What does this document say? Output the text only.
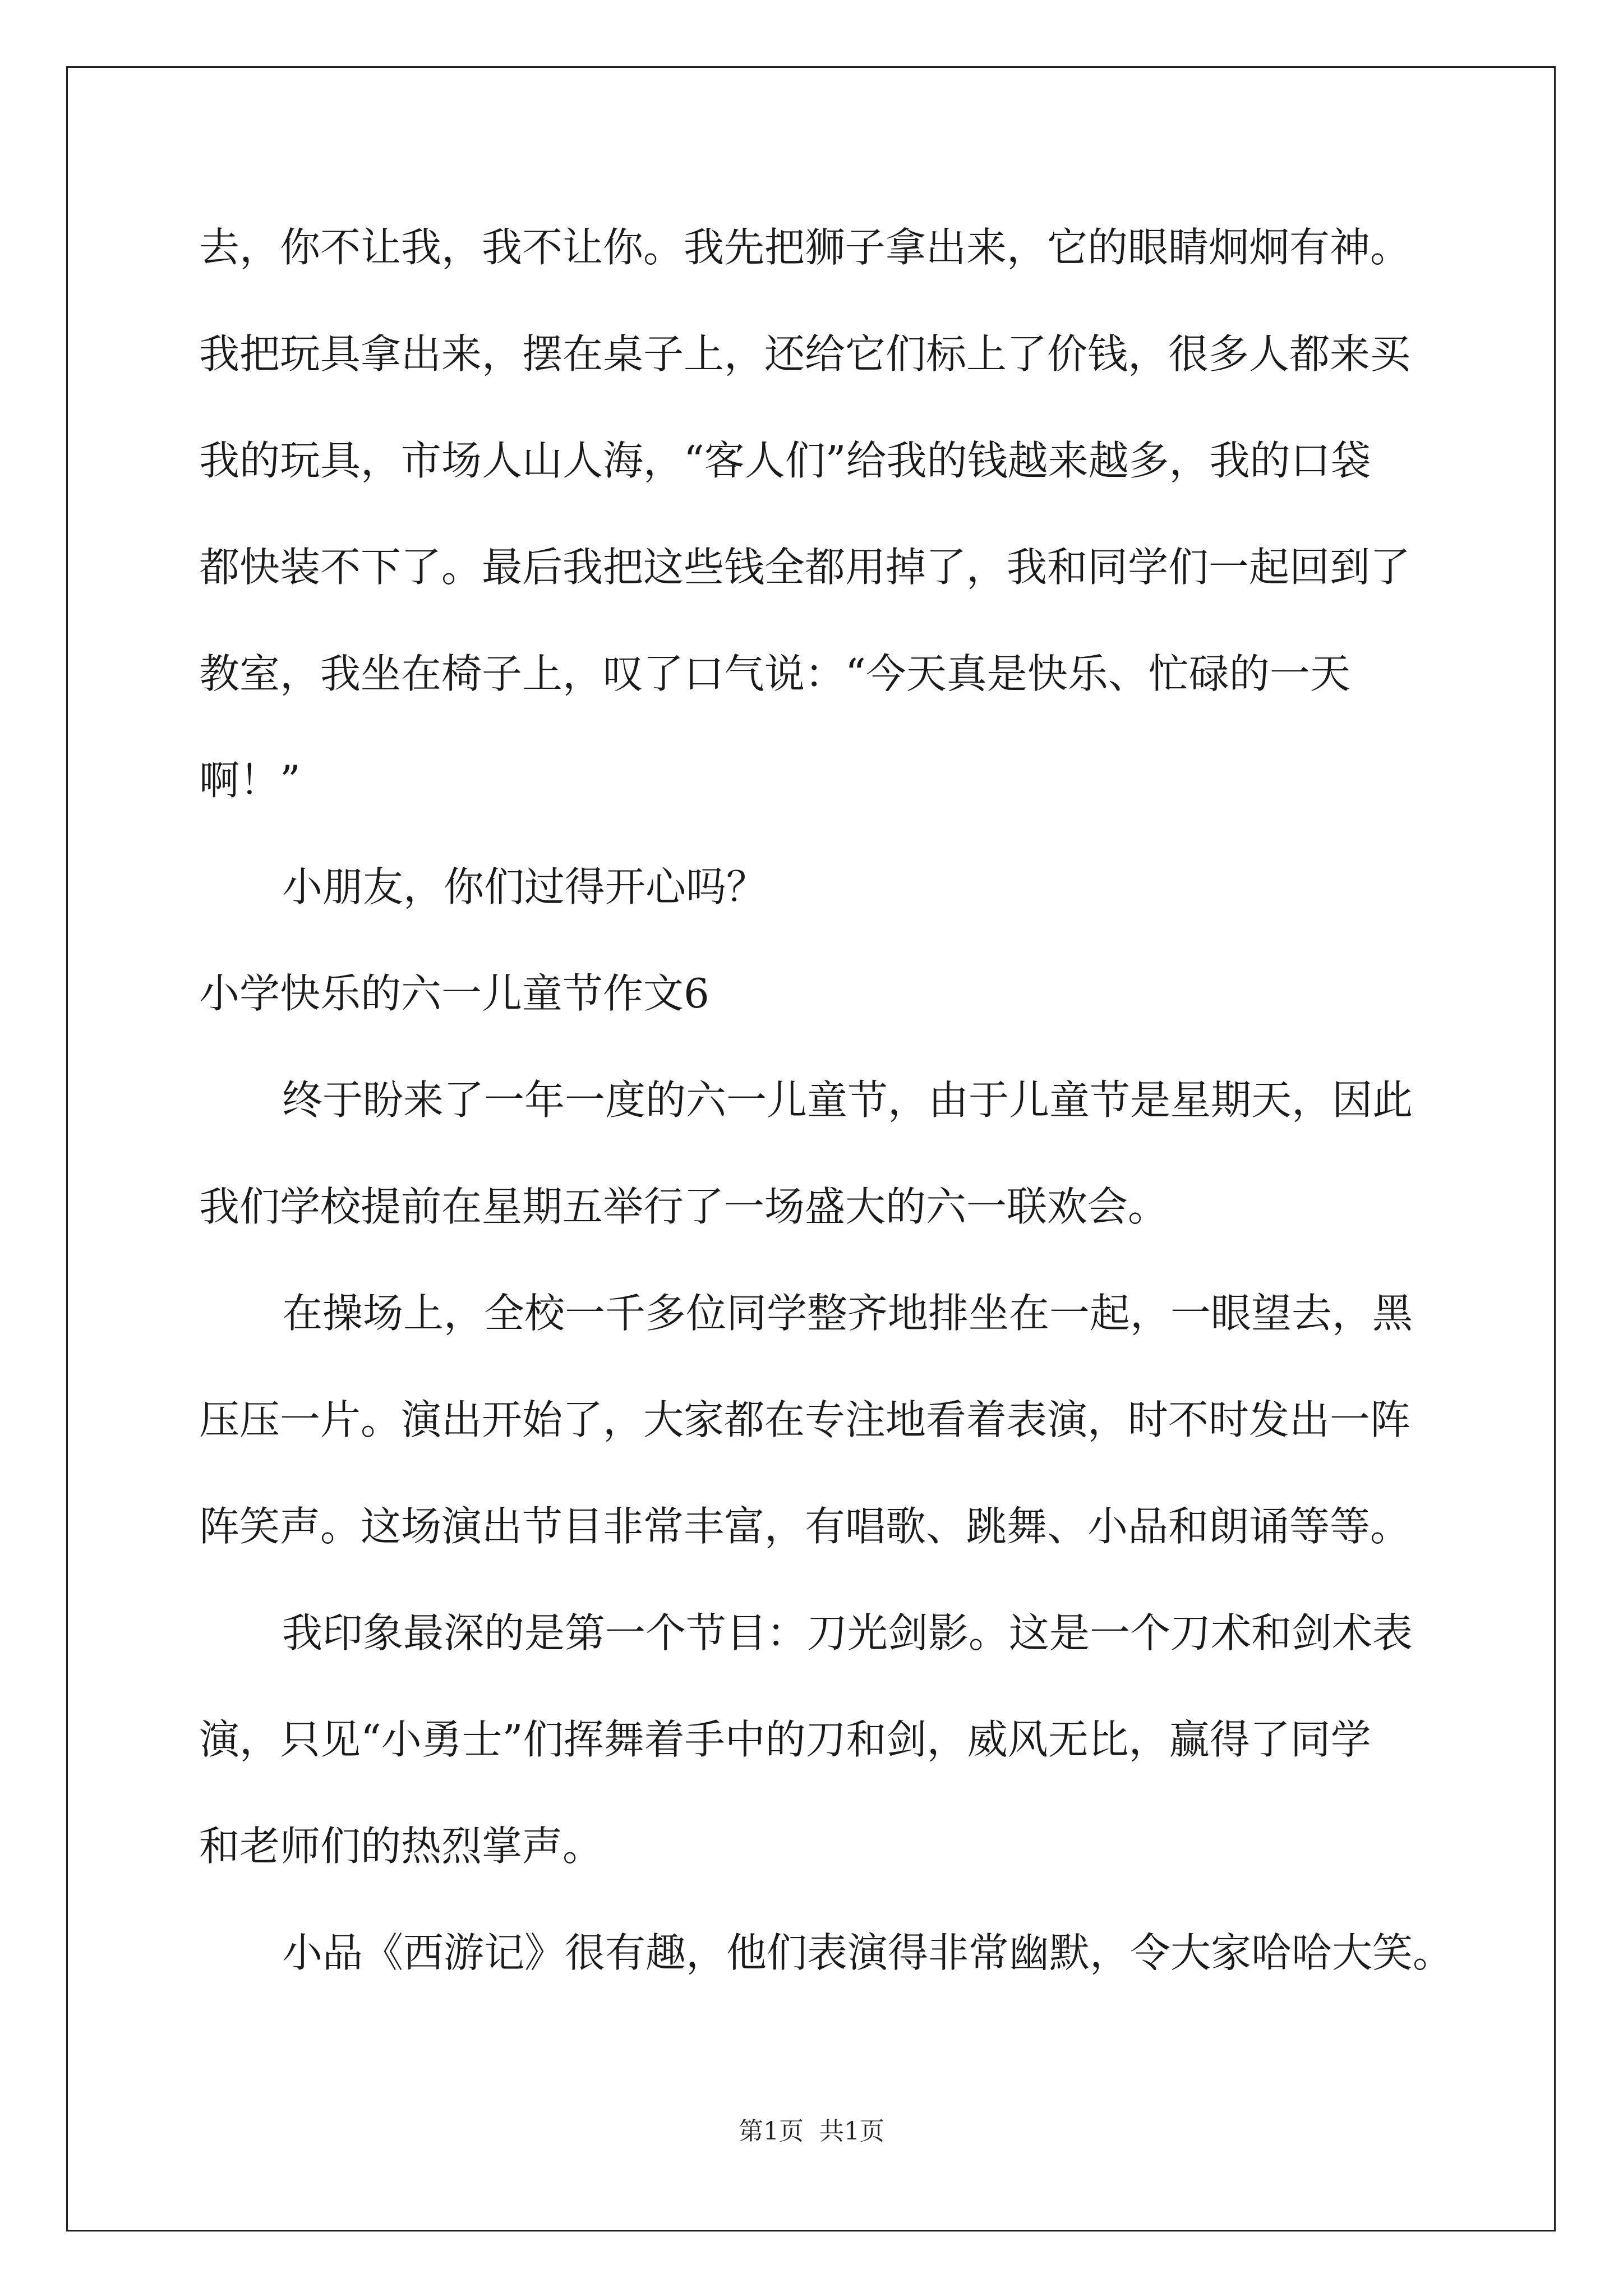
去，你不让我，我不让你。我先把狮子拿出来，它的眼睛炯炯有神。
我把玩具拿出来，摆在桌子上，还给它们标上了价钱，很多人都来买
我的玩具，市场人山人海，“客人们”给我的钱越来越多，我的口袋
都快装不下了。最后我把这些钱全都用掉了，我和同学们一起回到了
教室，我坐在椅子上，叹了口气说：“今天真是快乐、忙碌的一天
啊！”
小朋友，你们过得开心吗？
小学快乐的六一儿童节作文6
终于盼来了一年一度的六一儿童节，由于儿童节是星期天，因此
我们学校提前在星期五举行了一场盛大的六一联欢会。
在操场上，全校一千多位同学整齐地排坐在一起，一眼望去，黑
压压一片。演出开始了，大家都在专注地看着表演，时不时发出一阵
阵笑声。这场演出节目非常丰富，有唱歌、跳舞、小品和朗诵等等。
我印象最深的是第一个节目：刀光剑影。这是一个刀术和剑术表
演，只见“小勇士”们挥舞着手中的刀和剑，威风无比，赢得了同学
和老师们的热烈掌声。
小品《西游记》很有趣，他们表演得非常幽默，令大家哈哈大笑。
第1页 共1页
